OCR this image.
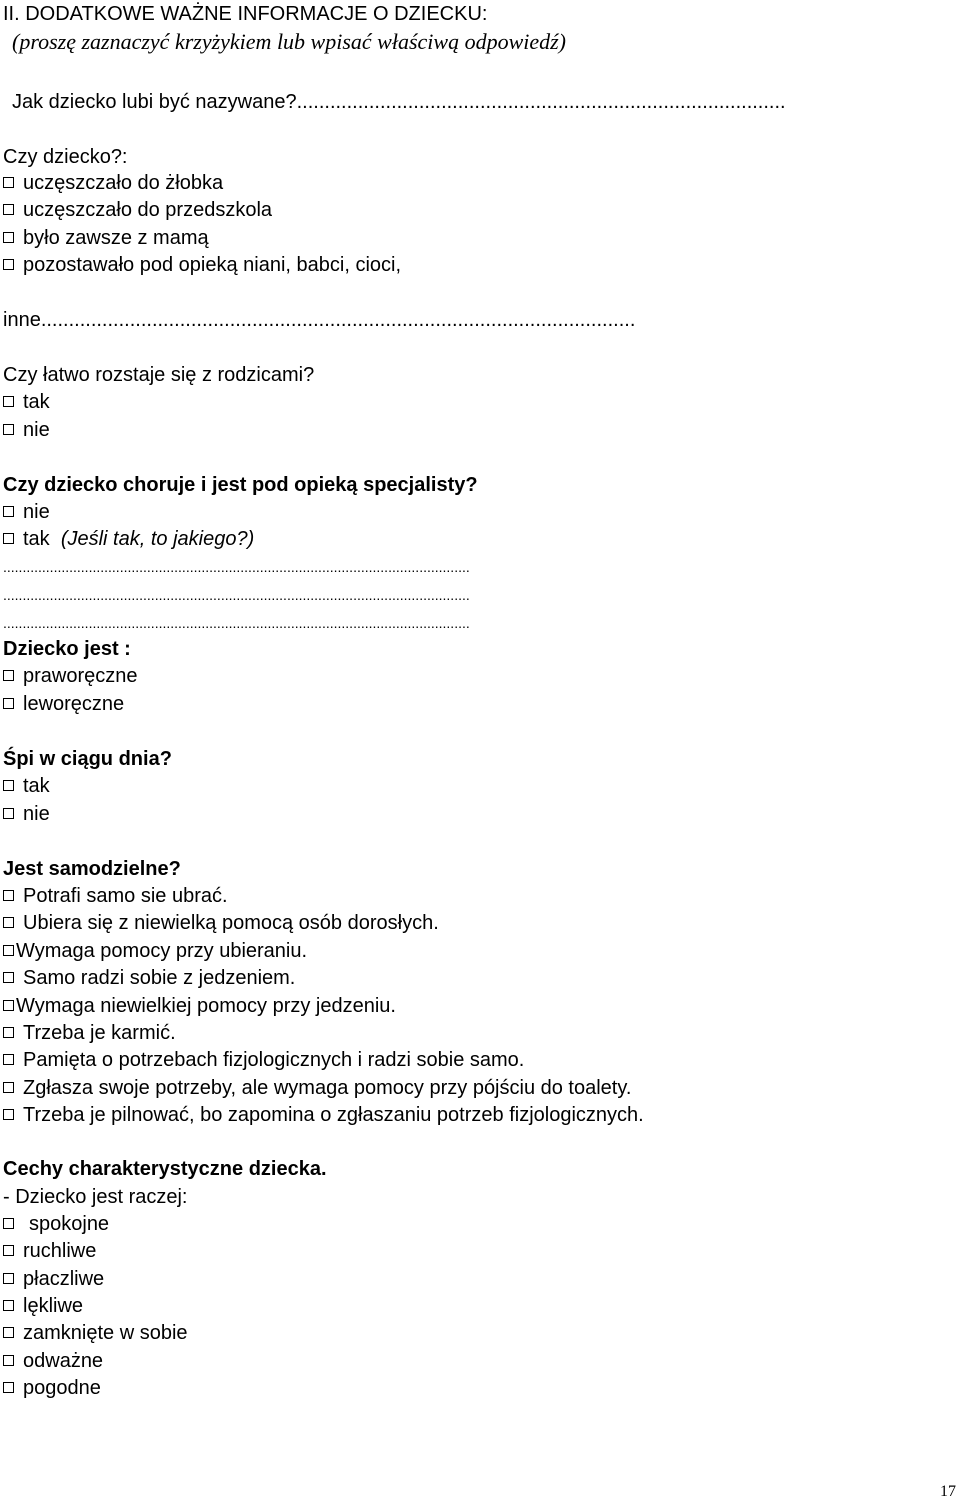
II. DODATKOWE WAŻNE INFORMACJE O DZIECKU:
(proszę zaznaczyć krzyżykiem lub wpisać właściwą odpowiedź)
Jak dziecko lubi być nazywane?........................................................................................
Czy dziecko?:
uczęszczało do żłobka
uczęszczało do przedszkola
było zawsze z mamą
pozostawało pod opieką niani, babci, cioci,
inne...........................................................................................................
Czy łatwo rozstaje się z rodzicami?
tak
nie
Czy dziecko choruje i jest pod opieką specjalisty?
nie
tak (Jeśli tak, to jakiego?)
........................................................................................................................
........................................................................................................................
........................................................................................................................
Dziecko jest :
praworęczne
leworęczne
Śpi w ciągu dnia?
tak
nie
Jest samodzielne?
Potrafi samo sie ubrać.
Ubiera się z niewielką pomocą osób dorosłych.
Wymaga pomocy przy ubieraniu.
Samo radzi sobie z jedzeniem.
Wymaga niewielkiej pomocy przy jedzeniu.
Trzeba je karmić.
Pamięta o potrzebach fizjologicznych i radzi sobie samo.
Zgłasza swoje potrzeby, ale wymaga pomocy przy pójściu do toalety.
Trzeba je pilnować, bo zapomina o zgłaszaniu potrzeb fizjologicznych.
Cechy charakterystyczne dziecka.
- Dziecko jest raczej:
spokojne
ruchliwe
płaczliwe
lękliwe
zamknięte w sobie
odważne
pogodne
17
